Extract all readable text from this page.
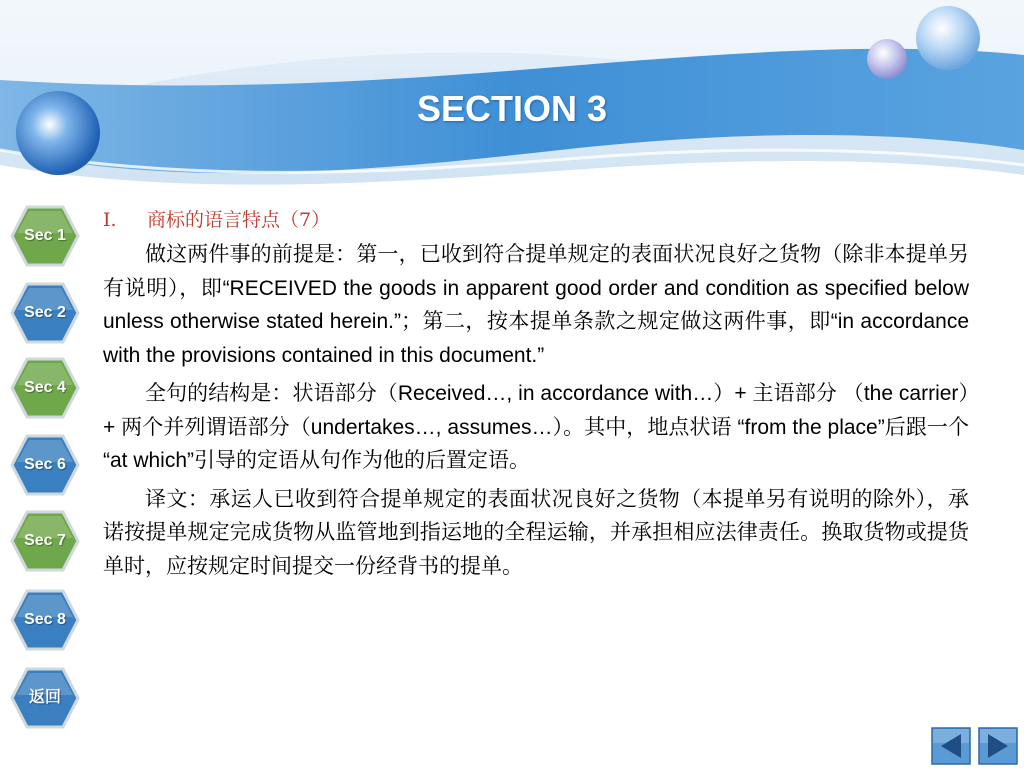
SECTION 3
Sec 1
Sec 2
Sec 4
Sec 6
Sec 7
Sec 8
返回
I. 商标的语言特点（7）

做这两件事的前提是：第一，已收到符合提单规定的表面状况良好之货物（除非本提单另有说明），即“RECEIVED the goods in apparent good order and condition as specified below unless otherwise stated herein.”；第二，按本提单条款之规定做这两件事，即“in accordance with the provisions contained in this document.”

全句的结构是：状语部分（Received…, in accordance with…）+ 主语部分 （the carrier）+ 两个并列谓语部分（undertakes…, assumes…）。其中，地点状语 “from the place”后跟一个 “at which”引导的定语从句作为他的后置定语。

译文：承运人已收到符合提单规定的表面状况良好之货物（本提单另有说明的除外），承诺按提单规定完成货物从监管地到指运地的全程运输，并承担相应法律责任。换取货物或提货单时，应按规定时间提交一份经背书的提单。
